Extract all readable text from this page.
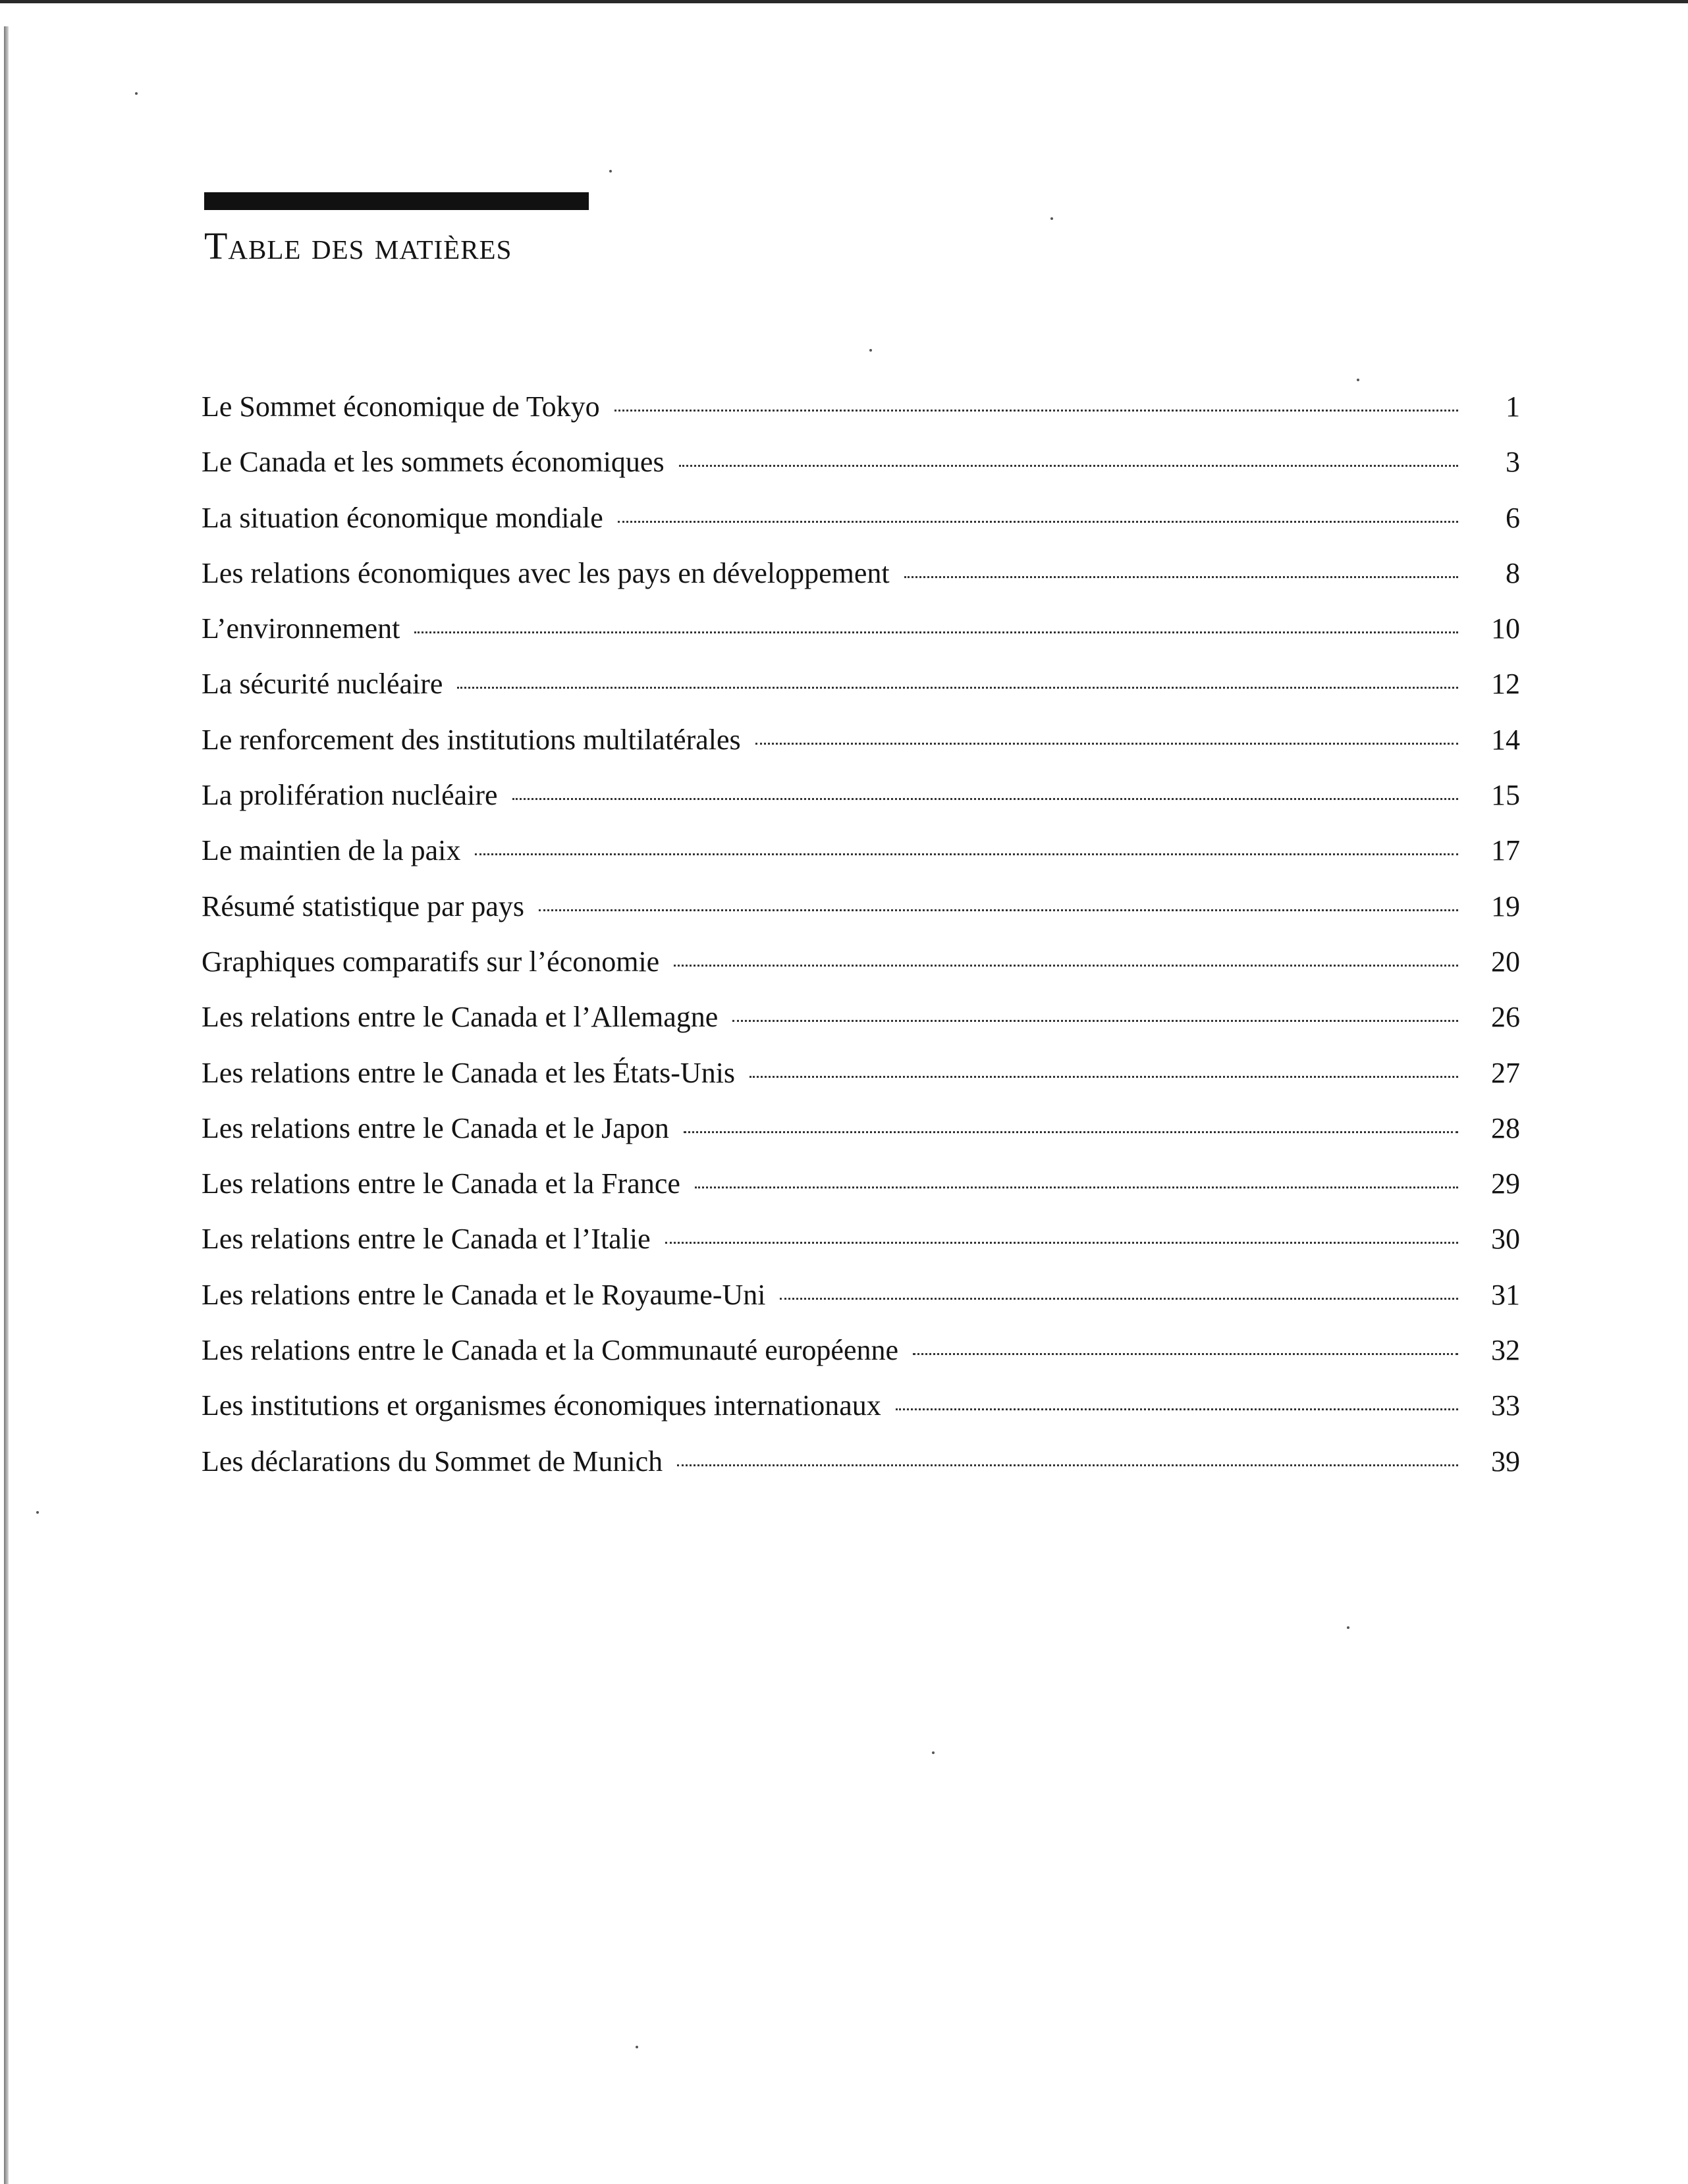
Table des matières
Le Sommet économique de Tokyo	1
Le Canada et les sommets économiques	3
La situation économique mondiale	6
Les relations économiques avec les pays en développement	8
L’environnement	10
La sécurité nucléaire	12
Le renforcement des institutions multilatérales	14
La prolifération nucléaire	15
Le maintien de la paix	17
Résumé statistique par pays	19
Graphiques comparatifs sur l’économie	20
Les relations entre le Canada et l’Allemagne	26
Les relations entre le Canada et les États-Unis	27
Les relations entre le Canada et le Japon	28
Les relations entre le Canada et la France	29
Les relations entre le Canada et l’Italie	30
Les relations entre le Canada et le Royaume-Uni	31
Les relations entre le Canada et la Communauté européenne	32
Les institutions et organismes économiques internationaux	33
Les déclarations du Sommet de Munich	39
